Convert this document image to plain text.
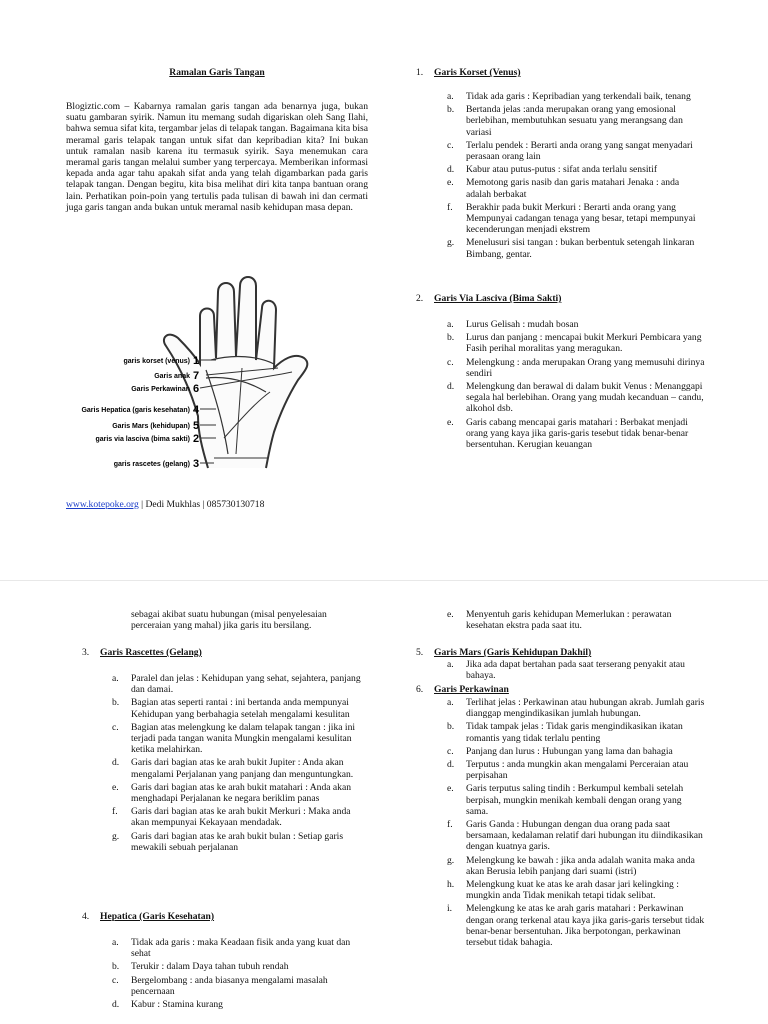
Ramalan Garis Tangan
Blogiztic.com – Kabarnya ramalan garis tangan ada benarnya juga, bukan suatu gambaran syirik. Namun itu memang sudah digariskan oleh Sang Ilahi, bahwa semua sifat kita, tergambar jelas di telapak tangan. Bagaimana kita bisa meramal garis telapak tangan untuk sifat dan kepribadian kita? Ini bukan untuk ramalan nasib karena itu termasuk syirik. Saya menemukan cara meramal garis tangan melalui sumber yang terpercaya. Memberikan informasi kepada anda agar tahu apakah sifat anda yang telah digambarkan pada garis telapak tangan. Dengan begitu, kita bisa melihat diri kita tanpa bantuan orang lain. Perhatikan poin-poin yang tertulis pada tulisan di bawah ini dan cermati juga garis tangan anda bukan untuk meramal nasib kehidupan masa depan.
garis korset (venus) 1
Garis anak 7
Garis Perkawinan 6
Garis Hepatica (garis kesehatan) 4
Garis Mars (kehidupan) 5
garis via lasciva (bima sakti) 2
garis rascetes (gelang) 3
www.kotepoke.org | Dedi Mukhlas | 085730130718
1. Garis Korset (Venus)
a. Tidak ada garis : Kepribadian yang terkendali baik, tenang
b. Bertanda jelas :anda merupakan orang yang emosional berlebihan, membutuhkan sesuatu yang merangsang dan variasi
c. Terlalu pendek : Berarti anda orang yang sangat menyadari perasaan orang lain
d. Kabur atau putus-putus : sifat anda terlalu sensitif
e. Memotong garis nasib dan garis matahari Jenaka : anda adalah berbakat
f. Berakhir pada bukit Merkuri : Berarti anda orang yang Mempunyai cadangan tenaga yang besar, tetapi mempunyai kecenderungan menjadi ekstrem
g. Menelusuri sisi tangan : bukan berbentuk setengah linkaran Bimbang, gentar.
2. Garis Via Lasciva (Bima Sakti)
a. Lurus Gelisah : mudah bosan
b. Lurus dan panjang : mencapai bukit Merkuri Pembicara yang Fasih perihal moralitas yang meragukan.
c. Melengkung : anda merupakan Orang yang memusuhi dirinya sendiri
d. Melengkung dan berawal di dalam bukit Venus : Menanggapi segala hal berlebihan. Orang yang mudah kecanduan – candu, alkohol dsb.
e. Garis cabang mencapai garis matahari : Berbakat menjadi orang yang kaya jika garis-garis tesebut tidak benar-benar bersentuhan. Kerugian keuangan
sebagai akibat suatu hubungan (misal penyelesaian perceraian yang mahal) jika garis itu bersilang.
3. Garis Rascettes (Gelang)
a. Paralel dan jelas : Kehidupan yang sehat, sejahtera, panjang dan damai.
b. Bagian atas seperti rantai : ini bertanda anda mempunyai Kehidupan yang berbahagia setelah mengalami kesulitan
c. Bagian atas melengkung ke dalam telapak tangan : jika ini terjadi pada tangan wanita Mungkin mengalami kesulitan ketika melahirkan.
d. Garis dari bagian atas ke arah bukit Jupiter : Anda akan mengalami Perjalanan yang panjang dan menguntungkan.
e. Garis dari bagian atas ke arah bukit matahari : Anda akan menghadapi Perjalanan ke negara beriklim panas
f. Garis dari bagian atas ke arah bukit Merkuri : Maka anda akan mempunyai Kekayaan mendadak.
g. Garis dari bagian atas ke arah bukit bulan : Setiap garis mewakili sebuah perjalanan
4. Hepatica (Garis Kesehatan)
a. Tidak ada garis : maka Keadaan fisik anda yang kuat dan sehat
b. Terukir : dalam Daya tahan tubuh rendah
c. Bergelombang : anda biasanya mengalami masalah pencernaan
d. Kabur : Stamina kurang
e. Menyentuh garis kehidupan Memerlukan : perawatan kesehatan ekstra pada saat itu.
5. Garis Mars (Garis Kehidupan Dakhil)
a. Jika ada dapat bertahan pada saat terserang penyakit atau bahaya.
6. Garis Perkawinan
a. Terlihat jelas : Perkawinan atau hubungan akrab. Jumlah garis dianggap mengindikasikan jumlah hubungan.
b. Tidak tampak jelas : Tidak garis mengindikasikan ikatan romantis yang tidak terlalu penting
c. Panjang dan lurus : Hubungan yang lama dan bahagia
d. Terputus : anda mungkin akan mengalami Perceraian atau perpisahan
e. Garis terputus saling tindih : Berkumpul kembali setelah berpisah, mungkin menikah kembali dengan orang yang sama.
f. Garis Ganda : Hubungan dengan dua orang pada saat bersamaan, kedalaman relatif dari hubungan itu diindikasikan dengan kuatnya garis.
g. Melengkung ke bawah : jika anda adalah wanita maka anda akan Berusia lebih panjang dari suami (istri)
h. Melengkung kuat ke atas ke arah dasar jari kelingking : mungkin anda Tidak menikah tetapi tidak selibat.
i. Melengkung ke atas ke arah garis matahari : Perkawinan dengan orang terkenal atau kaya jika garis-garis tersebut tidak benar-benar bersentuhan. Jika berpotongan, perkawinan tersebut tidak bahagia.
